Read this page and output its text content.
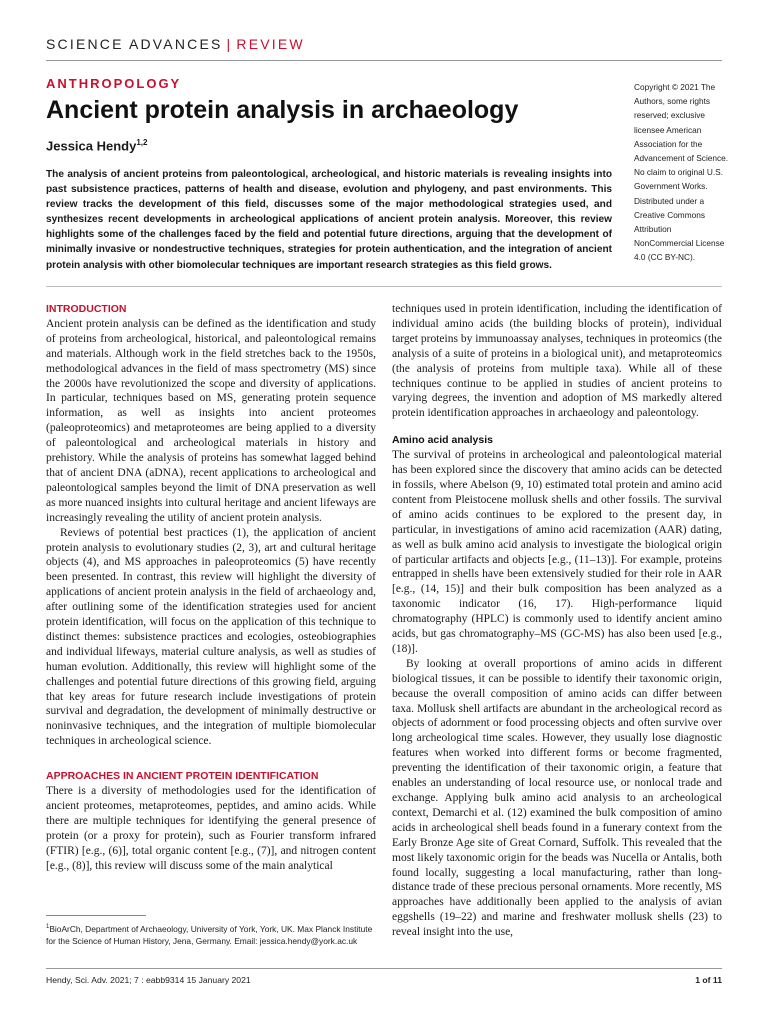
SCIENCE ADVANCES | REVIEW
ANTHROPOLOGY
Ancient protein analysis in archaeology
Jessica Hendy$^{1,2}$
The analysis of ancient proteins from paleontological, archeological, and historic materials is revealing insights into past subsistence practices, patterns of health and disease, evolution and phylogeny, and past environments. This review tracks the development of this field, discusses some of the major methodological strategies used, and synthesizes recent developments in archeological applications of ancient protein analysis. Moreover, this review highlights some of the challenges faced by the field and potential future directions, arguing that the development of minimally invasive or nondestructive techniques, strategies for protein authentication, and the integration of ancient protein analysis with other biomolecular techniques are important research strategies as this field grows.
Copyright © 2021 The Authors, some rights reserved; exclusive licensee American Association for the Advancement of Science. No claim to original U.S. Government Works. Distributed under a Creative Commons Attribution NonCommercial License 4.0 (CC BY-NC).
INTRODUCTION

Ancient protein analysis can be defined as the identification and study of proteins from archeological, historical, and paleontological remains and materials. Although work in the field stretches back to the 1950s, methodological advances in the field of mass spectrometry (MS) since the 2000s have revolutionized the scope and diversity of applications. In particular, techniques based on MS, generating protein sequence information, as well as insights into ancient proteomes (paleoproteomics) and metaproteomes are being applied to a diversity of paleontological and archeological materials in history and prehistory. While the analysis of proteins has somewhat lagged behind that of ancient DNA (aDNA), recent applications to archeological and paleontological samples beyond the limit of DNA preservation as well as more nuanced insights into cultural heritage and ancient lifeways are increasingly revealing the utility of ancient protein analysis.

Reviews of potential best practices (1), the application of ancient protein analysis to evolutionary studies (2, 3), art and cultural heritage objects (4), and MS approaches in paleoproteomics (5) have recently been presented. In contrast, this review will highlight the diversity of applications of ancient protein analysis in the field of archaeology and, after outlining some of the identification strategies used for ancient protein identification, will focus on the application of this technique to distinct themes: subsistence practices and ecologies, osteobiographies and individual lifeways, material culture analysis, as well as studies of human evolution. Additionally, this review will highlight some of the challenges and potential future directions of this growing field, arguing that key areas for future research include investigations of protein survival and degradation, the development of minimally destructive or noninvasive techniques, and the integration of multiple biomolecular techniques in archeological science.

APPROACHES IN ANCIENT PROTEIN IDENTIFICATION

There is a diversity of methodologies used for the identification of ancient proteomes, metaproteomes, peptides, and amino acids. While there are multiple techniques for identifying the general presence of protein (or a proxy for protein), such as Fourier transform infrared (FTIR) [e.g., (6)], total organic content [e.g., (7)], and nitrogen content [e.g., (8)], this review will discuss some of the main analytical

techniques used in protein identification, including the identification of individual amino acids (the building blocks of protein), individual target proteins by immunoassay analyses, techniques in proteomics (the analysis of a suite of proteins in a biological unit), and metaproteomics (the analysis of proteins from multiple taxa). While all of these techniques continue to be applied in studies of ancient proteins to varying degrees, the invention and adoption of MS markedly altered protein identification approaches in archaeology and paleontology.

Amino acid analysis

The survival of proteins in archeological and paleontological material has been explored since the discovery that amino acids can be detected in fossils, where Abelson (9, 10) estimated total protein and amino acid content from Pleistocene mollusk shells and other fossils. The survival of amino acids continues to be explored to the present day, in particular, in investigations of amino acid racemization (AAR) dating, as well as bulk amino acid analysis to investigate the biological origin of particular artifacts and objects [e.g., (11–13)]. For example, proteins entrapped in shells have been extensively studied for their role in AAR [e.g., (14, 15)] and their bulk composition has been analyzed as a taxonomic indicator (16, 17). High-performance liquid chromatography (HPLC) is commonly used to identify ancient amino acids, but gas chromatography–MS (GC-MS) has also been used [e.g., (18)].

By looking at overall proportions of amino acids in different biological tissues, it can be possible to identify their taxonomic origin, because the overall composition of amino acids can differ between taxa. Mollusk shell artifacts are abundant in the archeological record as objects of adornment or food processing objects and often survive over long archeological time scales. However, they usually lose diagnostic features when worked into different forms or become fragmented, preventing the identification of their taxonomic origin, a feature that enables an understanding of local resource use, or nonlocal trade and exchange. Applying bulk amino acid analysis to an archeological context, Demarchi et al. (12) examined the bulk composition of amino acids in archeological shell beads found in a funerary context from the Early Bronze Age site of Great Cornard, Suffolk. This revealed that the most likely taxonomic origin for the beads was Nucella or Antalis, both found locally, suggesting a local manufacturing, rather than long-distance trade of these precious personal ornaments. More recently, MS approaches have additionally been applied to the analysis of avian eggshells (19–22) and marine and freshwater mollusk shells (23) to reveal insight into the use,

$^1$BioArCh, Department of Archaeology, University of York, York, UK. Max Planck Institute for the Science of Human History, Jena, Germany. Email: jessica.hendy@york.ac.uk
Hendy, Sci. Adv. 2021; 7 : eabb9314 15 January 2021	1 of 11
